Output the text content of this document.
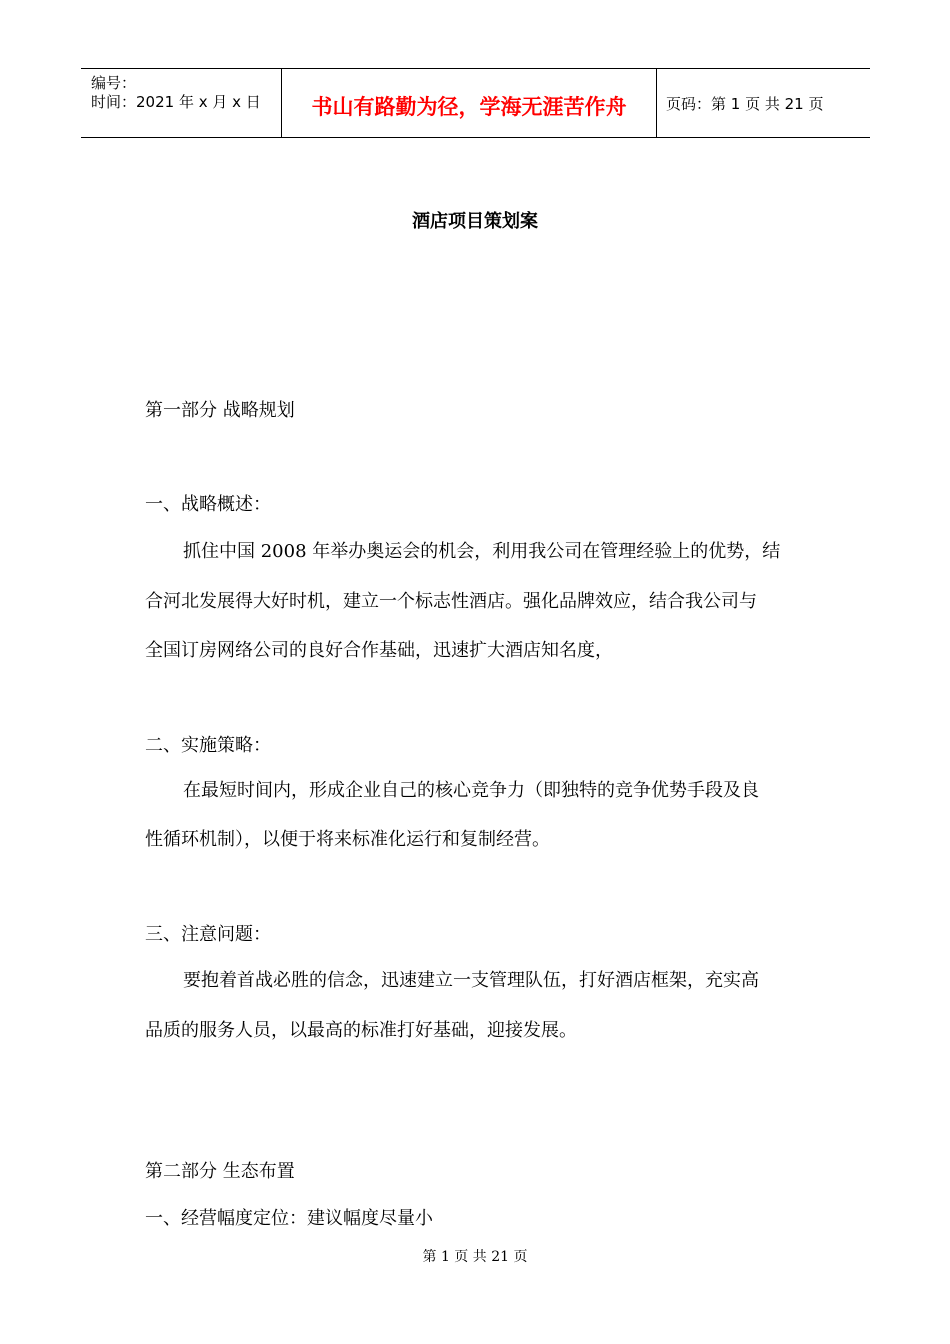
编号：
时间：2021 年 x 月 x 日	书山有路勤为径，学海无涯苦作舟	页码：第 1 页 共 21 页
酒店项目策划案
第一部分 战略规划
一、战略概述：
抓住中国 2008 年举办奥运会的机会，利用我公司在管理经验上的优势，结
合河北发展得大好时机，建立一个标志性酒店。强化品牌效应，结合我公司与
全国订房网络公司的良好合作基础，迅速扩大酒店知名度，
二、实施策略：
在最短时间内，形成企业自己的核心竞争力（即独特的竞争优势手段及良
性循环机制），以便于将来标准化运行和复制经营。
三、注意问题：
要抱着首战必胜的信念，迅速建立一支管理队伍，打好酒店框架，充实高
品质的服务人员，以最高的标准打好基础，迎接发展。
第二部分 生态布置
一、经营幅度定位：建议幅度尽量小
第 1 页 共 21 页
